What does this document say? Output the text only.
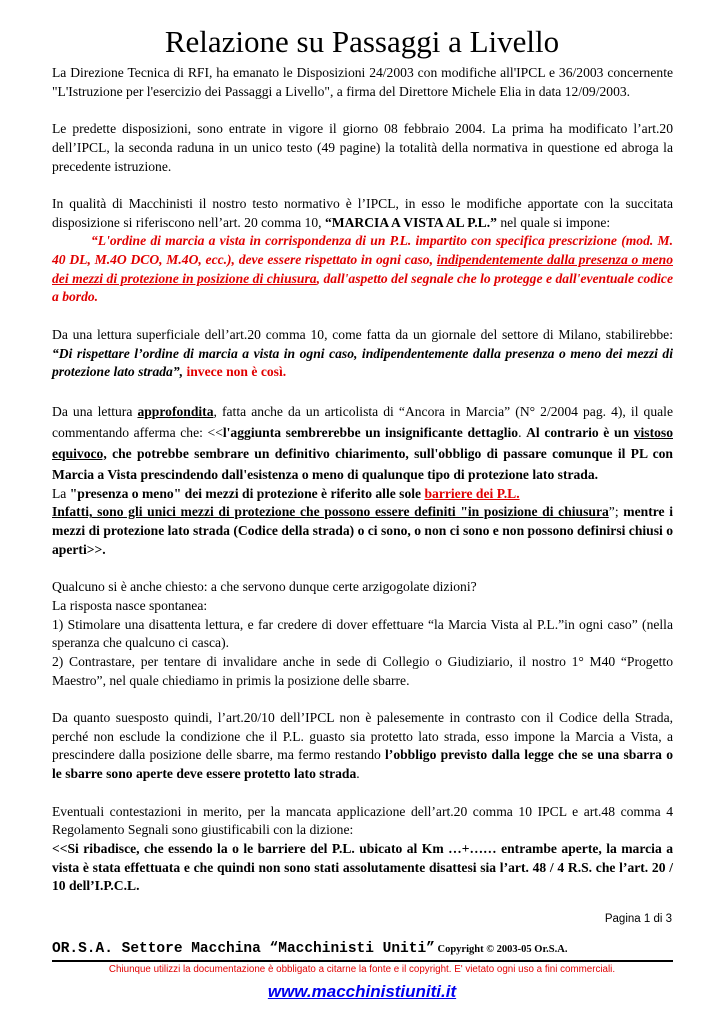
Relazione su Passaggi a Livello

La Direzione Tecnica di RFI, ha emanato le Disposizioni 24/2003 con modifiche all'IPCL e 36/2003 concernente "L'Istruzione per l'esercizio dei Passaggi a Livello", a firma del Direttore Michele Elia in data 12/09/2003.

Le predette disposizioni, sono entrate in vigore il giorno 08 febbraio 2004. La prima ha modificato l’art.20 dell’IPCL, la seconda raduna in un unico testo (49 pagine) la totalità della normativa in questione ed abroga la precedente istruzione.

In qualità di Macchinisti il nostro testo normativo è l’IPCL, in esso le modifiche apportate con la succitata disposizione si riferiscono nell’art. 20 comma 10, “MARCIA A VISTA AL P.L.” nel quale si impone:
“L'ordine di marcia a vista in corrispondenza di un P.L. impartito con specifica prescrizione (mod. M. 40 DL, M.4O DCO, M.4O, ecc.), deve essere rispettato in ogni caso, indipendentemente dalla presenza o meno dei mezzi di protezione in posizione di chiusura, dall'aspetto del segnale che lo protegge e dall'eventuale codice a bordo.

Da una lettura superficiale dell’art.20 comma 10, come fatta da un giornale del settore di Milano, stabilirebbe: “Di rispettare l’ordine di marcia a vista in ogni caso, indipendentemente dalla presenza o meno dei mezzi di protezione lato strada”, invece non è così.

Da una lettura approfondita, fatta anche da un articolista di “Ancora in Marcia” (N° 2/2004 pag. 4), il quale commentando afferma che: <<l'aggiunta sembrerebbe un insignificante dettaglio. Al contrario è un vistoso equivoco, che potrebbe sembrare un definitivo chiarimento, sull'obbligo di passare comunque il PL con Marcia a Vista prescindendo dall'esistenza o meno di qualunque tipo di protezione lato strada.

La "presenza o meno" dei mezzi di protezione è riferito alle sole barriere dei P.L.

Infatti, sono gli unici mezzi di protezione che possono essere definiti "in posizione di chiusura”; mentre i mezzi di protezione lato strada (Codice della strada) o ci sono, o non ci sono e non possono definirsi chiusi o aperti>>.

Qualcuno si è anche chiesto: a che servono dunque certe arzigogolate dizioni?

La risposta nasce spontanea:

1) Stimolare una disattenta lettura, e far credere di dover effettuare “la Marcia Vista al P.L.”in ogni caso” (nella speranza che qualcuno ci casca).

2) Contrastare, per tentare di invalidare anche in sede di Collegio o Giudiziario, il nostro 1° M40 “Progetto Maestro”, nel quale chiediamo in primis la posizione delle sbarre.

Da quanto suesposto quindi, l’art.20/10 dell’IPCL non è palesemente in contrasto con il Codice della Strada, perché non esclude la condizione che il P.L. guasto sia protetto lato strada, esso impone la Marcia a Vista, a prescindere dalla posizione delle sbarre, ma fermo restando l’obbligo previsto dalla legge che se una sbarra o le sbarre sono aperte deve essere protetto lato strada.

Eventuali contestazioni in merito, per la mancata applicazione dell’art.20 comma 10 IPCL e art.48 comma 4 Regolamento Segnali sono giustificabili con la dizione:

<<Si ribadisce, che essendo la o le barriere del P.L. ubicato al Km …+…… entrambe aperte, la marcia a vista è stata effettuata e che quindi non sono stati assolutamente disattesi sia l’art. 48 / 4 R.S. che l’art. 20 / 10 dell’I.P.C.L.

Pagina 1 di 3
OR.S.A. Settore Macchina “Macchinisti Uniti” Copyright © 2003-05 Or.S.A.
Chiunque utilizzi la documentazione è obbligato a citarne la fonte e il copyright. E' vietato ogni uso a fini commerciali.
www.macchinistiuniti.it
